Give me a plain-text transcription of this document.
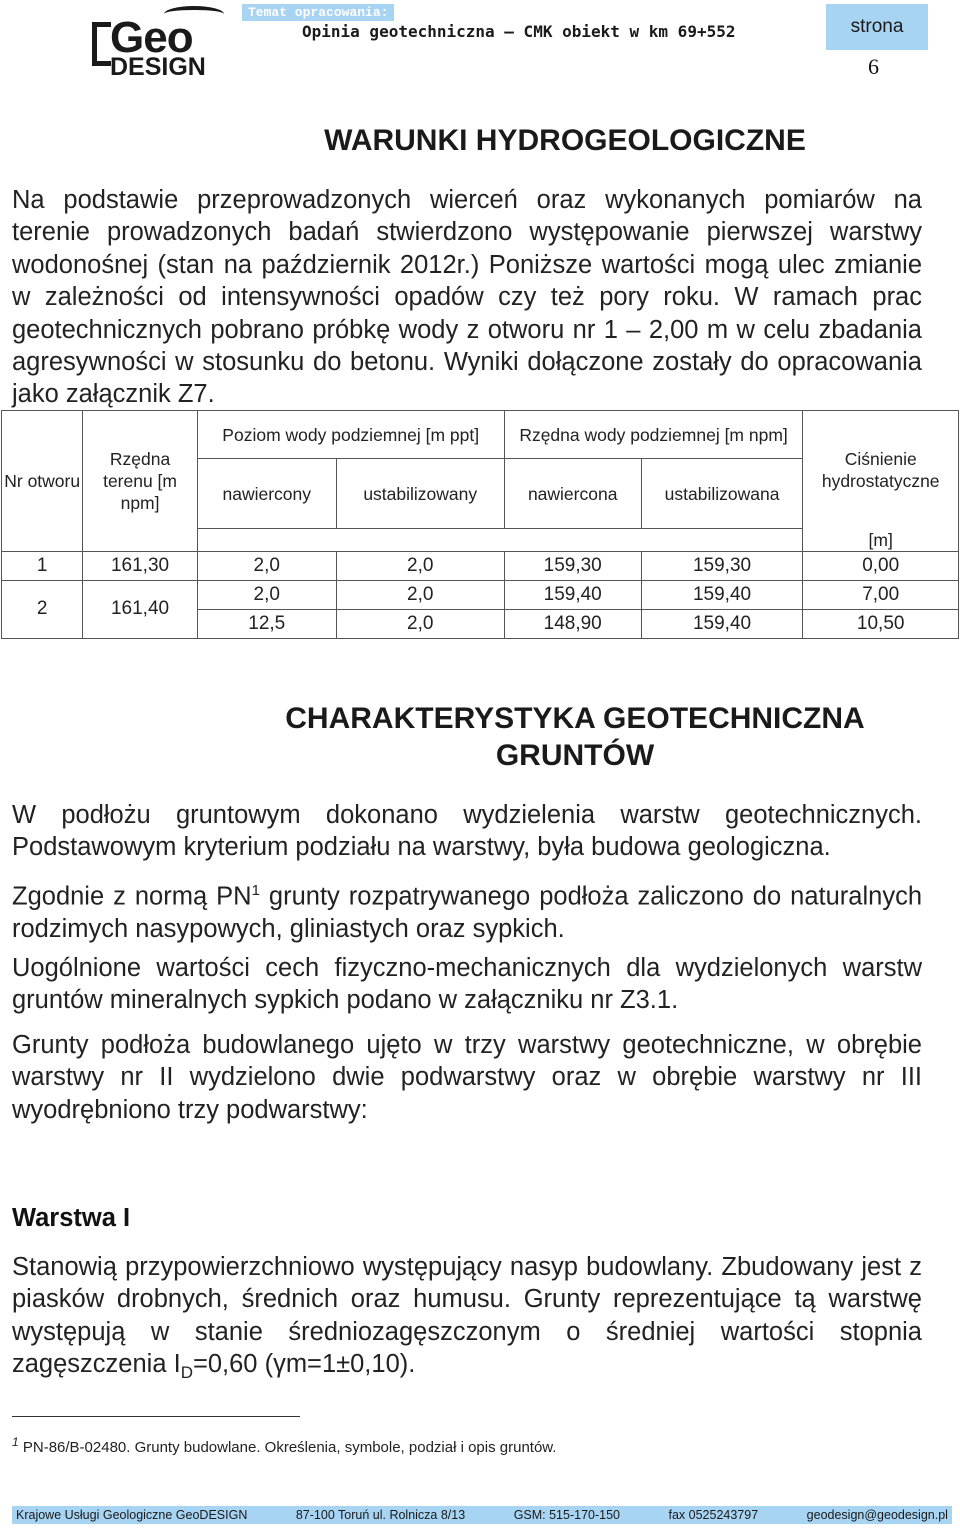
Geo
DESIGN
Temat opracowania:
Opinia geotechniczna – CMK obiekt w km 69+552	strona
6
WARUNKI HYDROGEOLOGICZNE
Na podstawie przeprowadzonych wierceń oraz wykonanych pomiarów na terenie prowadzonych badań stwierdzono występowanie pierwszej warstwy wodonośnej (stan na październik 2012r.) Poniższe wartości mogą ulec zmianie w zależności od intensywności opadów czy też pory roku. W ramach prac geotechnicznych pobrano próbkę wody z otworu nr 1 – 2,00 m w celu zbadania agresywności w stosunku do betonu. Wyniki dołączone zostały do opracowania jako załącznik Z7.
Nr otworu	Rzędna terenu [m npm]	Poziom wody podziemnej [m ppt]		Rzędna wody podziemnej [m npm]		Ciśnienie hydrostatyczne
		nawiercony	ustabilizowany	nawiercona	ustabilizowana	
						[m]
1	161,30	2,0	2,0	159,30	159,30	0,00
2	161,40	2,0	2,0	159,40	159,40	7,00
		12,5	2,0	148,90	159,40	10,50
CHARAKTERYSTYKA GEOTECHNICZNA
GRUNTÓW
W podłożu gruntowym dokonano wydzielenia warstw geotechnicznych. Podstawowym kryterium podziału na warstwy, była budowa geologiczna.
Zgodnie z normą $PN^1$ grunty rozpatrywanego podłoża zaliczono do naturalnych rodzimych nasypowych, gliniastych oraz sypkich.
Uogólnione wartości cech fizyczno-mechanicznych dla wydzielonych warstw gruntów mineralnych sypkich podano w załączniku nr Z3.1.
Grunty podłoża budowlanego ujęto w trzy warstwy geotechniczne, w obrębie warstwy nr II wydzielono dwie podwarstwy oraz w obrębie warstwy nr III wyodrębniono trzy podwarstwy:
Warstwa I
Stanowią przypowierzchniowo występujący nasyp budowlany. Zbudowany jest z piasków drobnych, średnich oraz humusu. Grunty reprezentujące tą warstwę występują w stanie średniozagęszczonym o średniej wartości stopnia zagęszczenia $I_D=0,60$ (γm=1±0,10).
$^1$ PN-86/B-02480. Grunty budowlane. Określenia, symbole, podział i opis gruntów.
Krajowe Usługi Geologiczne GeoDESIGN	87-100 Toruń ul. Rolnicza 8/13	GSM: 515-170-150	fax 0525243797	geodesign@geodesign.pl
